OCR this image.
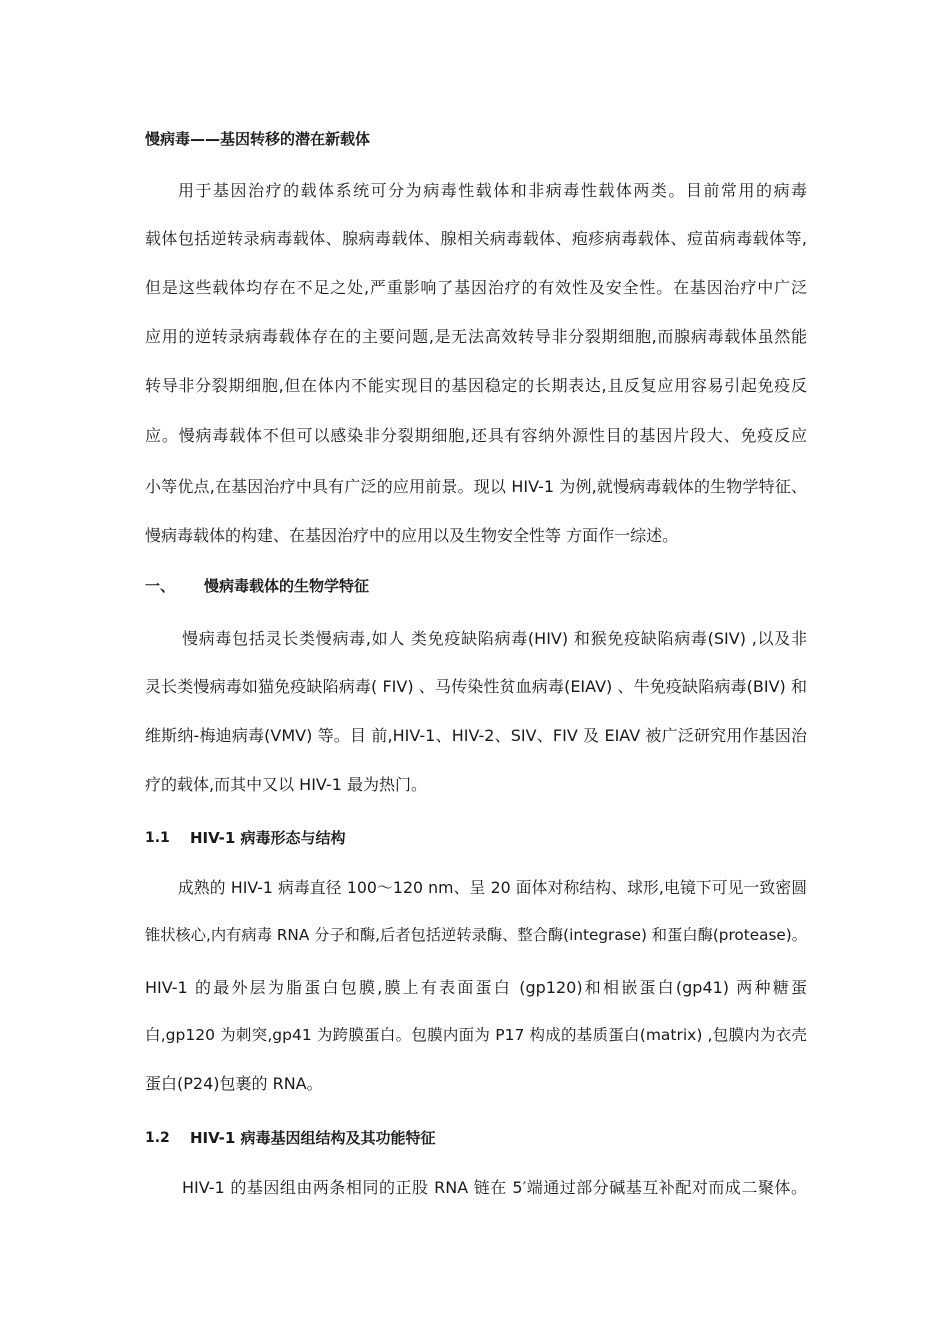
慢病毒——基因转移的潜在新载体
用于基因治疗的载体系统可分为病毒性载体和非病毒性载体两类。目前常用的病毒
载体包括逆转录病毒载体、腺病毒载体、腺相关病毒载体、疱疹病毒载体、痘苗病毒载体等,
但是这些载体均存在不足之处,严重影响了基因治疗的有效性及安全性。在基因治疗中广泛
应用的逆转录病毒载体存在的主要问题,是无法高效转导非分裂期细胞,而腺病毒载体虽然能
转导非分裂期细胞,但在体内不能实现目的基因稳定的长期表达,且反复应用容易引起免疫反
应。慢病毒载体不但可以感染非分裂期细胞,还具有容纳外源性目的基因片段大、免疫反应
小等优点,在基因治疗中具有广泛的应用前景。现以 HIV-1 为例,就慢病毒载体的生物学特征、
慢病毒载体的构建、在基因治疗中的应用以及生物安全性等 方面作一综述。
一、 慢病毒载体的生物学特征
慢病毒包括灵长类慢病毒,如人 类免疫缺陷病毒(HIV) 和猴免疫缺陷病毒(SIV) ,以及非
灵长类慢病毒如猫免疫缺陷病毒( FIV) 、马传染性贫血病毒(EIAV) 、牛免疫缺陷病毒(BIV) 和
维斯纳-梅迪病毒(VMV) 等。目 前,HIV-1、HIV-2、SIV、FIV 及 EIAV 被广泛研究用作基因治
疗的载体,而其中又以 HIV-1 最为热门。
1.1 HIV-1 病毒形态与结构
成熟的 HIV-1 病毒直径 100～120 nm、呈 20 面体对称结构、球形,电镜下可见一致密圆
锥状核心,内有病毒 RNA 分子和酶,后者包括逆转录酶、整合酶(integrase) 和蛋白酶(protease)。
HIV-1 的最外层为脂蛋白包膜,膜上有表面蛋白 (gp120)和相嵌蛋白(gp41) 两种糖蛋
白,gp120 为刺突,gp41 为跨膜蛋白。包膜内面为 P17 构成的基质蛋白(matrix) ,包膜内为衣壳
蛋白(P24)包裹的 RNA。
1.2 HIV-1 病毒基因组结构及其功能特征
HIV-1 的基因组由两条相同的正股 RNA 链在 5′端通过部分碱基互补配对而成二聚体。
